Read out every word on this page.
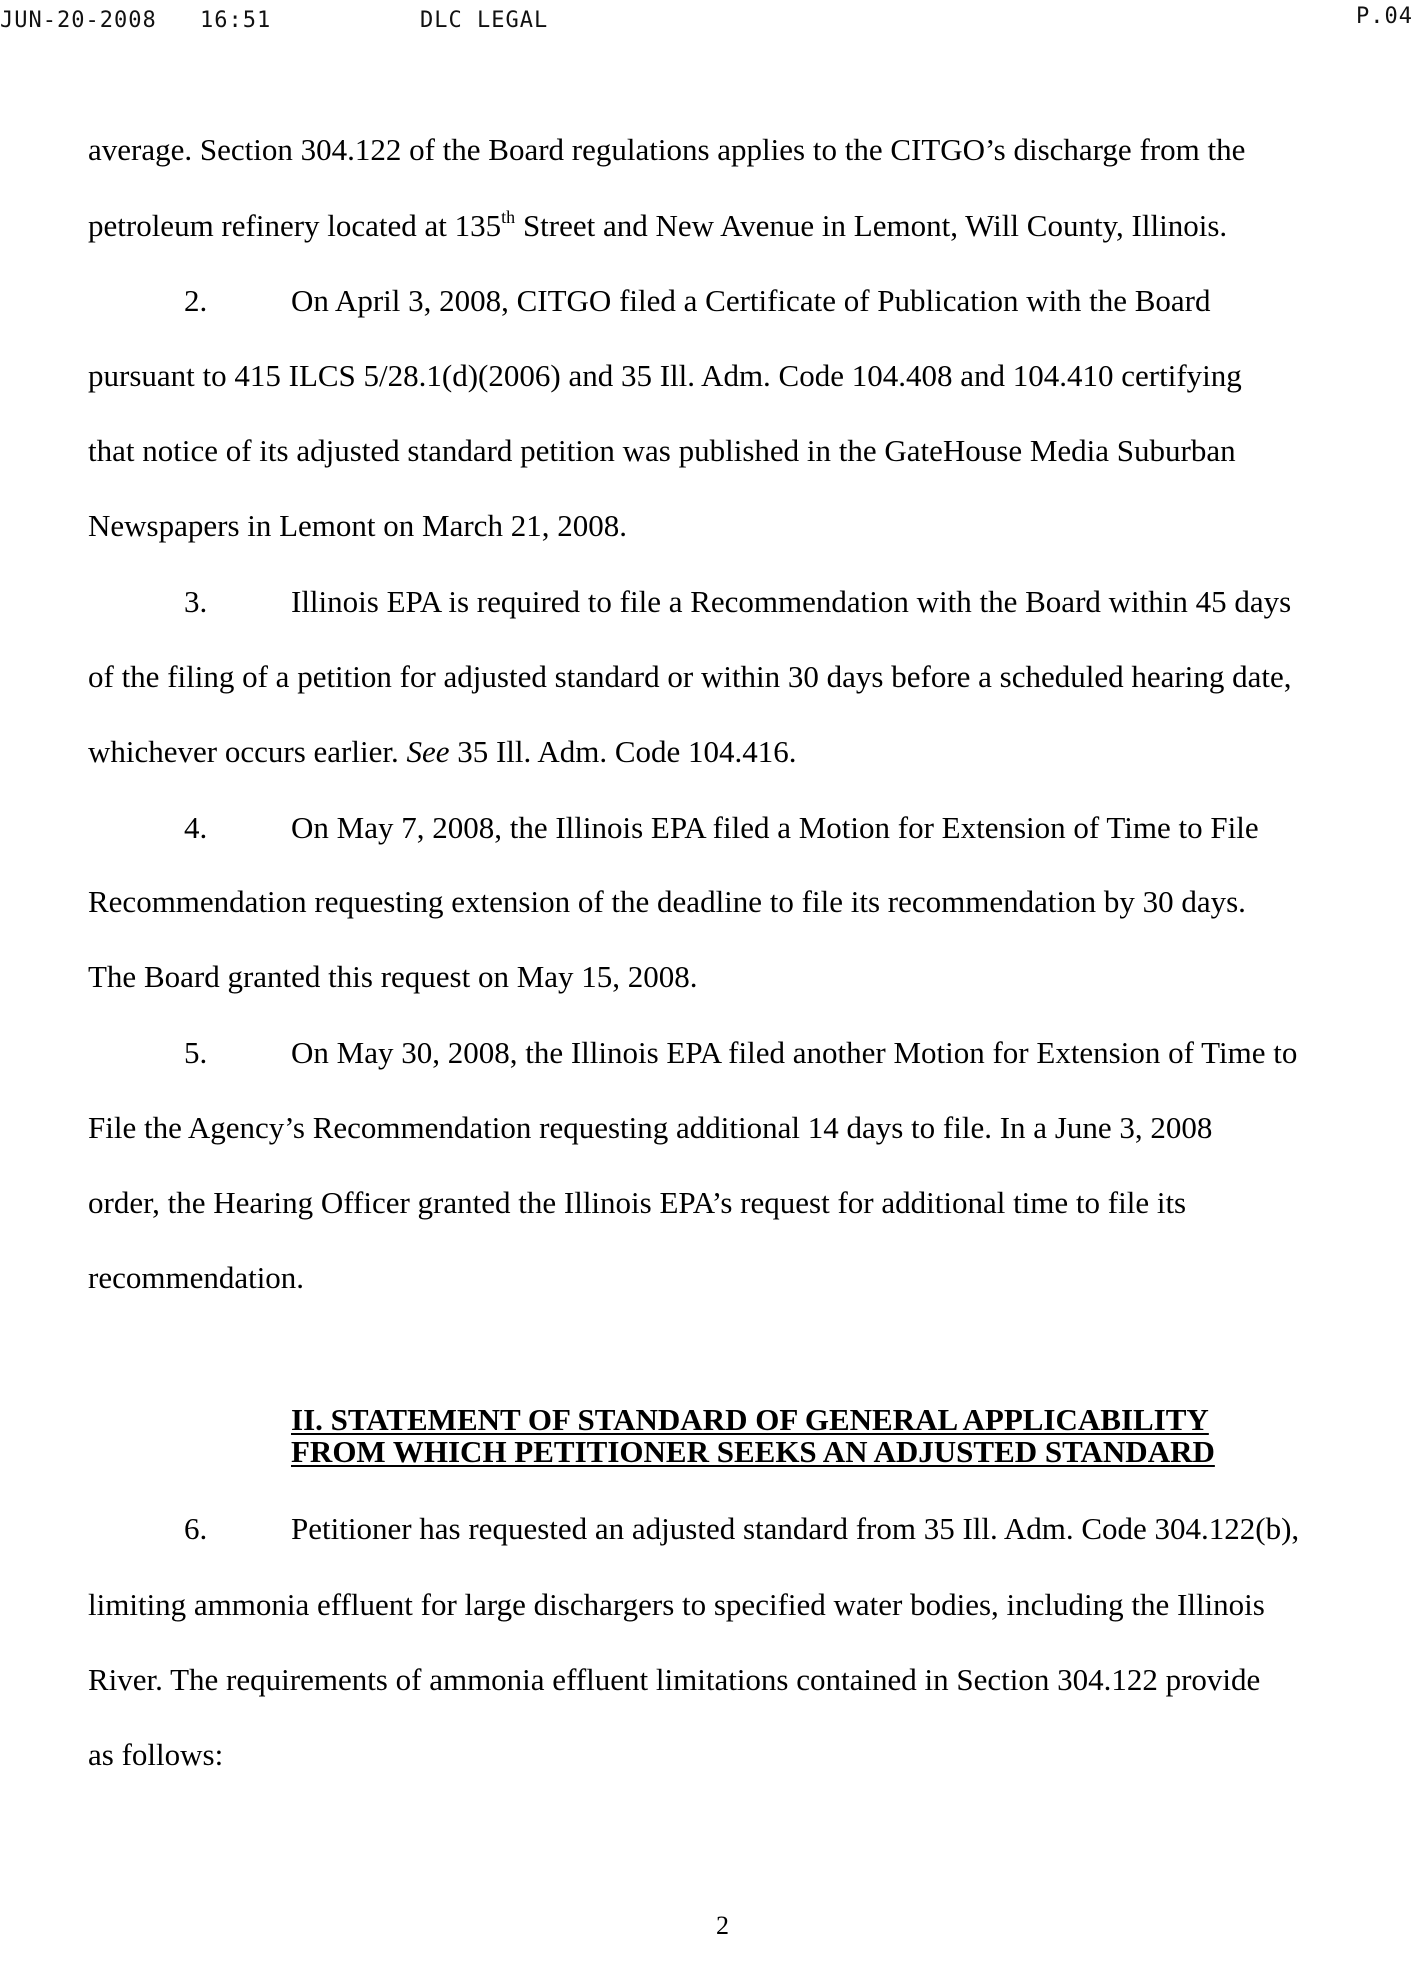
JUN-20-2008 16:51	DLC LEGAL	P.04
average. Section 304.122 of the Board regulations applies to the CITGO’s discharge from the
petroleum refinery located at 135th Street and New Avenue in Lemont, Will County, Illinois.
2.	On April 3, 2008, CITGO filed a Certificate of Publication with the Board
pursuant to 415 ILCS 5/28.1(d)(2006) and 35 Ill. Adm. Code 104.408 and 104.410 certifying
that notice of its adjusted standard petition was published in the GateHouse Media Suburban
Newspapers in Lemont on March 21, 2008.
3.	Illinois EPA is required to file a Recommendation with the Board within 45 days
of the filing of a petition for adjusted standard or within 30 days before a scheduled hearing date,
whichever occurs earlier. See 35 Ill. Adm. Code 104.416.
4.	On May 7, 2008, the Illinois EPA filed a Motion for Extension of Time to File
Recommendation requesting extension of the deadline to file its recommendation by 30 days.
The Board granted this request on May 15, 2008.
5.	On May 30, 2008, the Illinois EPA filed another Motion for Extension of Time to
File the Agency’s Recommendation requesting additional 14 days to file. In a June 3, 2008
order, the Hearing Officer granted the Illinois EPA’s request for additional time to file its
recommendation.
II. STATEMENT OF STANDARD OF GENERAL APPLICABILITY
FROM WHICH PETITIONER SEEKS AN ADJUSTED STANDARD
6.	Petitioner has requested an adjusted standard from 35 Ill. Adm. Code 304.122(b),
limiting ammonia effluent for large dischargers to specified water bodies, including the Illinois
River. The requirements of ammonia effluent limitations contained in Section 304.122 provide
as follows:
2
